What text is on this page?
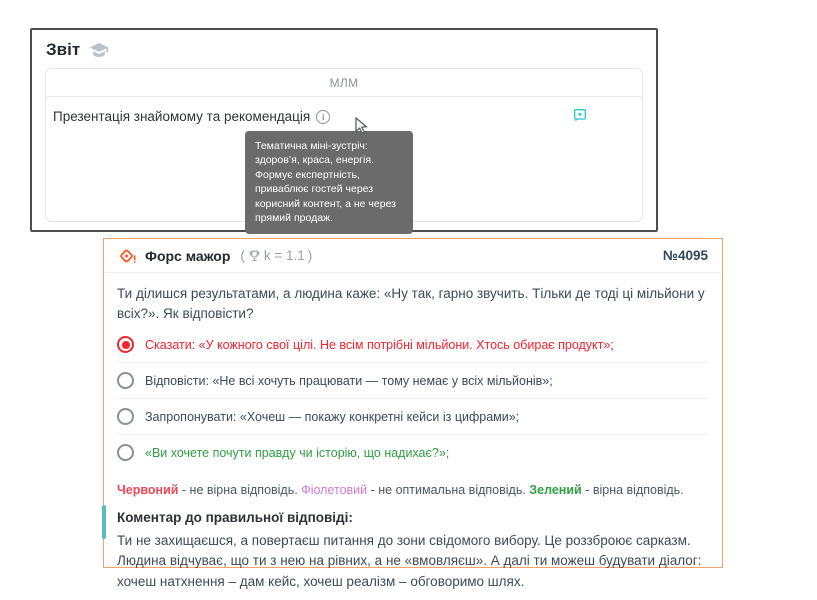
Звіт
МЛМ
Презентація знайомому та рекомендація	i
Тематична міні-зустріч: здоров’я, краса, енергія. Формує експертність, приваблює гостей через корисний контент, а не через прямий продаж.
Форс мажор ( k = 1.1 )	№4095
Ти ділишся результатами, а людина каже: «Ну так, гарно звучить. Тільки де тоді ці мільйони у всіх?». Як відповісти?
Сказати: «У кожного свої цілі. Не всім потрібні мільйони. Хтось обирає продукт»;
Відповісти: «Не всі хочуть працювати — тому немає у всіх мільйонів»;
Запропонувати: «Хочеш — покажу конкретні кейси із цифрами»;
«Ви хочете почути правду чи історію, що надихає?»;
Червоний - не вірна відповідь. Фіолетовий - не оптимальна відповідь. Зелений - вірна відповідь.
Коментар до правильної відповіді:
Ти не захищаєшся, а повертаєш питання до зони свідомого вибору. Це роззброює сарказм. Людина відчуває, що ти з нею на рівних, а не «вмовляєш». А далі ти можеш будувати діалог: хочеш натхнення – дам кейс, хочеш реалізм – обговоримо шлях.
